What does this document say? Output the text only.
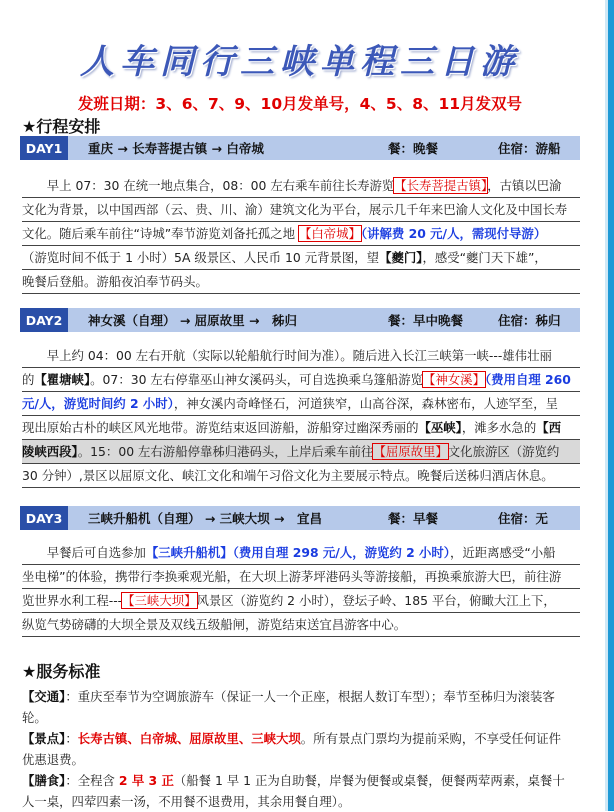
人车同行三峡单程三日游
发班日期：3、6、7、9、10月发单号，4、5、8、11月发双号
★行程安排
DAY1	重庆 → 长寿菩提古镇 → 白帝城	餐：晚餐	住宿：游船
  早上 07：30 在统一地点集合，08：00 左右乘车前往长寿游览【长寿菩提古镇】，古镇以巴渝
文化为背景，以中国西部（云、贵、川、渝）建筑文化为平台，展示几千年来巴渝人文化及中国长寿
文化。随后乘车前往“诗城”奉节游览刘备托孤之地 【白帝城】（讲解费 20 元/人，需现付导游）
（游览时间不低于 1 小时）5A 级景区、人民币 10 元背景图，望【夔门】，感受“夔门天下雄”，
晚餐后登船。游船夜泊奉节码头。
DAY2	神女溪（自理） → 屈原故里 →　秭归	餐：早中晚餐	住宿：秭归
  早上约 04：00 左右开航（实际以轮船航行时间为准）。随后进入长江三峡第一峡---雄伟壮丽
的【瞿塘峡】。07：30 左右停靠巫山神女溪码头，可自选换乘乌篷船游览【神女溪】（费用自理 260
元/人，游览时间约 2 小时），神女溪内奇峰怪石，河道狭窄，山高谷深，森林密布，人迹罕至，呈
现出原始古朴的峡区风光地带。游览结束返回游船，游船穿过幽深秀丽的【巫峡】，滩多水急的【西
陵峡西段】。15：00 左右游船停靠秭归港码头，上岸后乘车前往【屈原故里】文化旅游区（游览约
30 分钟）,景区以屈原文化、峡江文化和端午习俗文化为主要展示特点。晚餐后送秭归酒店休息。
DAY3	三峡升船机（自理） → 三峡大坝 →　宜昌	餐：早餐	住宿：无
  早餐后可自选参加【三峡升船机】（费用自理 298 元/人，游览约 2 小时），近距离感受“小船
坐电梯”的体验，携带行李换乘观光船，在大坝上游茅坪港码头等游接船，再换乘旅游大巴，前往游
览世界水利工程---【三峡大坝】风景区（游览约 2 小时），登坛子岭、185 平台，俯瞰大江上下，
纵览气势磅礴的大坝全景及双线五级船闸，游览结束送宜昌游客中心。
★服务标准
【交通】：重庆至奉节为空调旅游车（保证一人一个正座，根据人数订车型）；奉节至秭归为滚装客
轮。
【景点】：长寿古镇、白帝城、屈原故里、三峡大坝。所有景点门票均为提前采购，不享受任何证件
优惠退费。
【膳食】：全程含 2 早 3 正（船餐 1 早 1 正为自助餐，岸餐为便餐或桌餐，便餐两荤两素，桌餐十
人一桌，四荤四素一汤，不用餐不退费用，其余用餐自理）。
